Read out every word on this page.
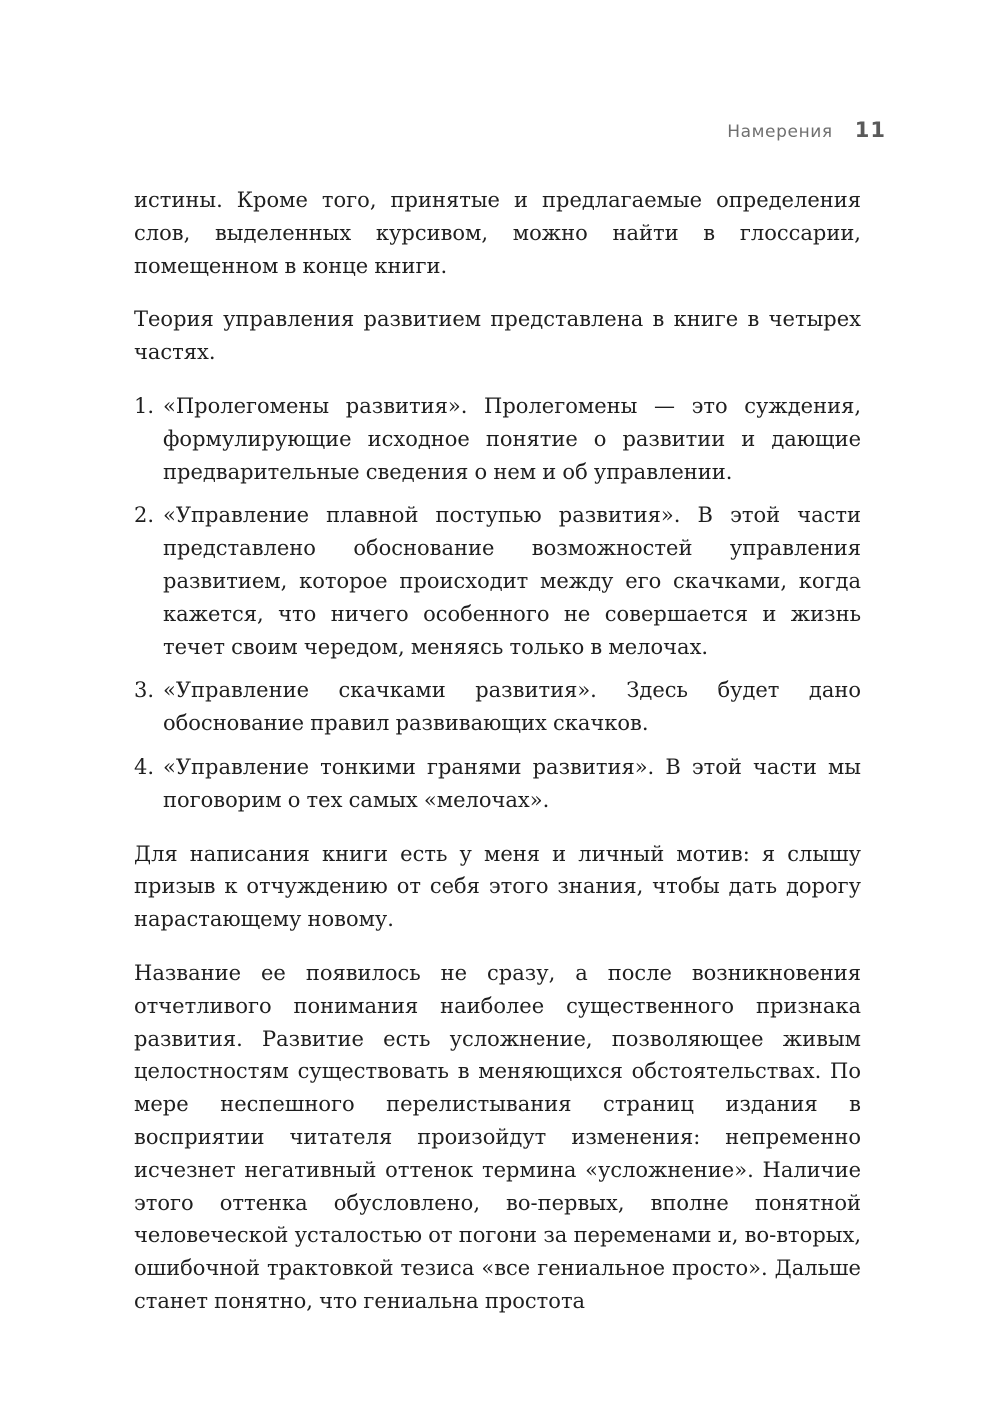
Намерения 11

истины. Кроме того, принятые и предлагаемые определения слов, выделенных курсивом, можно найти в глоссарии, помещенном в конце книги.

Теория управления развитием представлена в книге в четырех частях.

1. «Пролегомены развития». Пролегомены — это суждения, формулирующие исходное понятие о развитии и дающие предварительные сведения о нем и об управлении.
2. «Управление плавной поступью развития». В этой части представлено обоснование возможностей управления развитием, которое происходит между его скачками, когда кажется, что ничего особенного не совершается и жизнь течет своим чередом, меняясь только в мелочах.
3. «Управление скачками развития». Здесь будет дано обоснование правил развивающих скачков.
4. «Управление тонкими гранями развития». В этой части мы поговорим о тех самых «мелочах».

Для написания книги есть у меня и личный мотив: я слышу призыв к отчуждению от себя этого знания, чтобы дать дорогу нарастающему новому.

Название ее появилось не сразу, а после возникновения отчетливого понимания наиболее существенного признака развития. Развитие есть усложнение, позволяющее живым целостностям существовать в меняющихся обстоятельствах. По мере неспешного перелистывания страниц издания в восприятии читателя произойдут изменения: непременно исчезнет негативный оттенок термина «усложнение». Наличие этого оттенка обусловлено, во-первых, вполне понятной человеческой усталостью от погони за переменами и, во-вторых, ошибочной трактовкой тезиса «все гениальное просто». Дальше станет понятно, что гениальна простота
